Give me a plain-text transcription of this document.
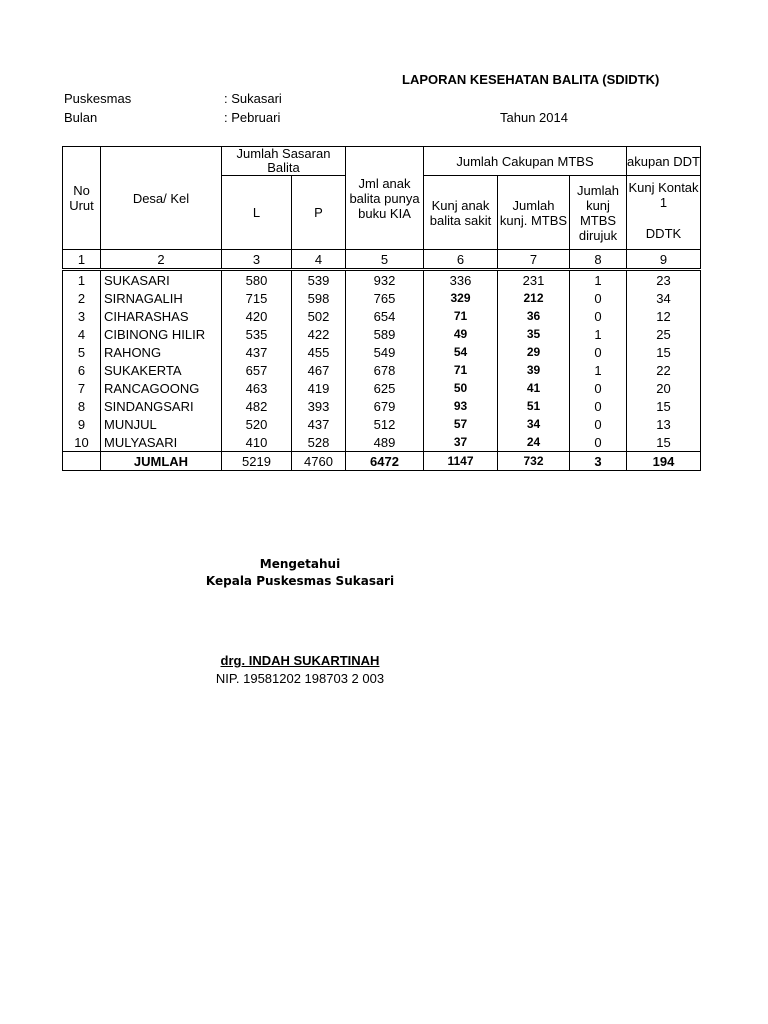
LAPORAN KESEHATAN BALITA (SDIDTK)
Puskesmas	: Sukasari
Bulan	: Pebruari	Tahun 2014
No Urut	Desa/ Kel	Jumlah Sasaran Balita		Jml anak balita punya buku KIA	Jumlah Cakupan MTBS			akupan DDT
		L	P		Kunj anak balita sakit	Jumlah kunj. MTBS	Jumlah kunj MTBS dirujuk	Kunj Kontak 1
DDTK

1	2	3	4	5	6	7	8	9
1	SUKASARI	580	539	932	336	231	1	23
2	SIRNAGALIH	715	598	765	329	212	0	34
3	CIHARASHAS	420	502	654	71	36	0	12
4	CIBINONG HILIR	535	422	589	49	35	1	25
5	RAHONG	437	455	549	54	29	0	15
6	SUKAKERTA	657	467	678	71	39	1	22
7	RANCAGOONG	463	419	625	50	41	0	20
8	SINDANGSARI	482	393	679	93	51	0	15
9	MUNJUL	520	437	512	57	34	0	13
10	MULYASARI	410	528	489	37	24	0	15
	JUMLAH	5219	4760	6472	1147	732	3	194
Mengetahui
Kepala Puskesmas Sukasari
drg. INDAH SUKARTINAH
NIP. 19581202 198703 2 003
